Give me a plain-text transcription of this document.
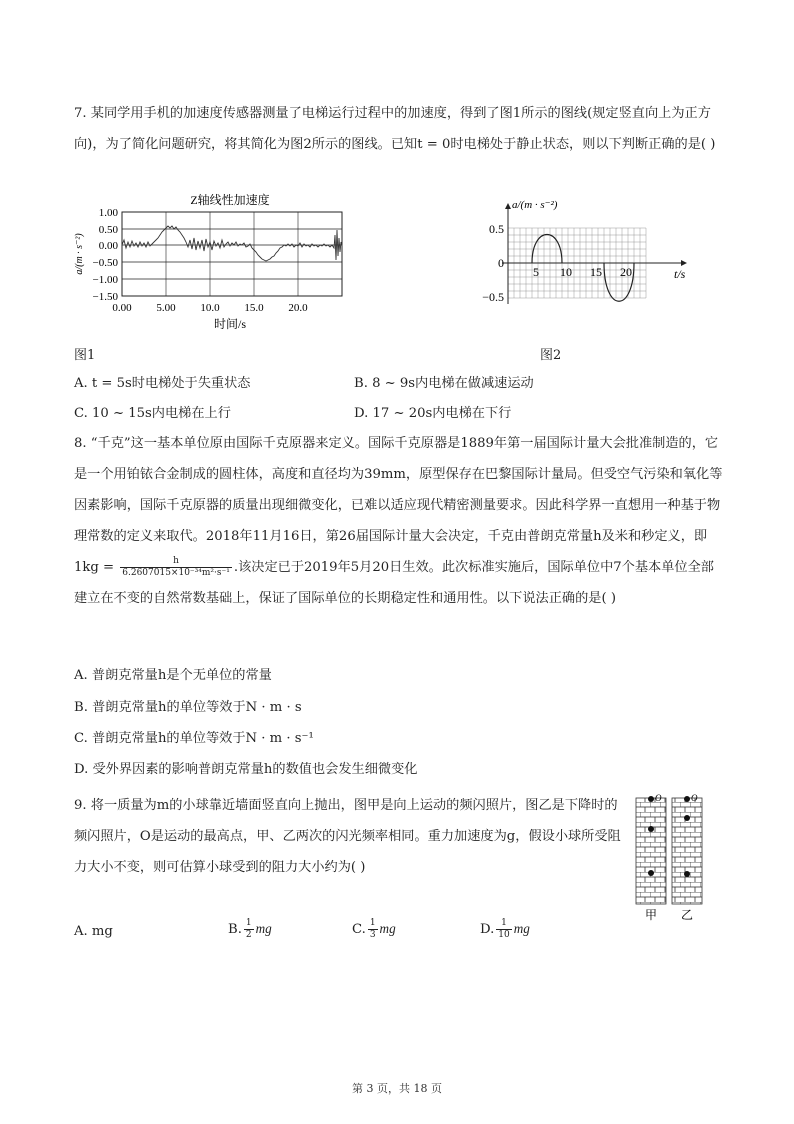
7. 某同学用手机的加速度传感器测量了电梯运行过程中的加速度，得到了图1所示的图线(规定竖直向上为正方向)，为了简化问题研究，将其简化为图2所示的图线。已知t = 0时电梯处于静止状态，则以下判断正确的是( )
Z轴线性加速度
a/(m · s⁻²)
1.00
0.50
0.00
−0.50
−1.00
−1.50
0.00 5.00 10.0 15.0 20.0
时间/s
a/(m · s⁻²)
0.5
0
−0.5
5 10 15 20	t/s
图1	图2
A. t = 5s时电梯处于失重状态	B. 8 ~ 9s内电梯在做减速运动
C. 10 ~ 15s内电梯在上行	D. 17 ~ 20s内电梯在下行
8. “千克”这一基本单位原由国际千克原器来定义。国际千克原器是1889年第一届国际计量大会批准制造的，它是一个用铂铱合金制成的圆柱体，高度和直径均为39mm，原型保存在巴黎国际计量局。但受空气污染和氧化等因素影响，国际千克原器的质量出现细微变化，已难以适应现代精密测量要求。因此科学界一直想用一种基于物理常数的定义来取代。2018年11月16日，第26届国际计量大会决定，千克由普朗克常量h及米和秒定义，即$1kg = \frac{h}{\text{6.2607015×10⁻³⁴m²·s⁻¹}}$ .该决定已于2019年5月20日生效。此次标准实施后，国际单位中7个基本单位全部建立在不变的自然常数基础上，保证了国际单位的长期稳定性和通用性。以下说法正确的是( )
A. 普朗克常量h是个无单位的常量
B. 普朗克常量h的单位等效于N · m · s
C. 普朗克常量h的单位等效于N · m · s⁻¹
D. 受外界因素的影响普朗克常量h的数值也会发生细微变化
9. 将一质量为m的小球靠近墙面竖直向上抛出，图甲是向上运动的频闪照片，图乙是下降时的频闪照片，O是运动的最高点，甲、乙两次的闪光频率相同。重力加速度为g，假设小球所受阻力大小不变，则可估算小球受到的阻力大小约为( )
O	O
甲 乙
A. mg	B. $\frac{1}{2}$ mg	C. $\frac{1}{3}$ mg	D. $\frac{1}{10}$ mg
第 3 页，共 18 页
